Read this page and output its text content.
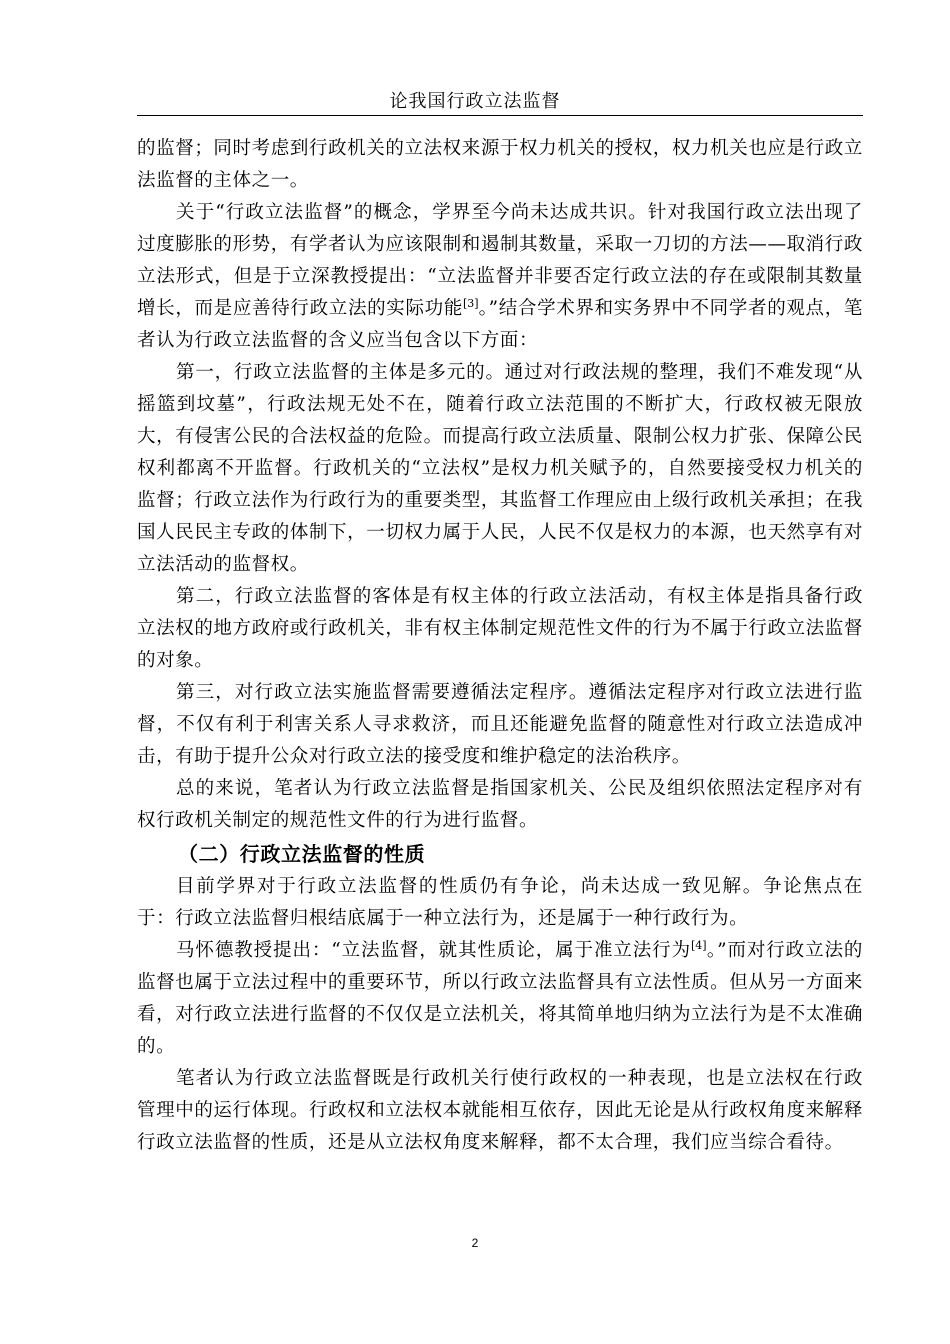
论我国行政立法监督

的监督；同时考虑到行政机关的立法权来源于权力机关的授权，权力机关也应是行政立法监督的主体之一。

关于“行政立法监督”的概念，学界至今尚未达成共识。针对我国行政立法出现了过度膨胀的形势，有学者认为应该限制和遏制其数量，采取一刀切的方法——取消行政立法形式，但是于立深教授提出：“立法监督并非要否定行政立法的存在或限制其数量增长，而是应善待行政立法的实际功能[3]。”结合学术界和实务界中不同学者的观点，笔者认为行政立法监督的含义应当包含以下方面：

第一，行政立法监督的主体是多元的。通过对行政法规的整理，我们不难发现“从摇篮到坟墓”，行政法规无处不在，随着行政立法范围的不断扩大，行政权被无限放大，有侵害公民的合法权益的危险。而提高行政立法质量、限制公权力扩张、保障公民权利都离不开监督。行政机关的“立法权”是权力机关赋予的，自然要接受权力机关的监督；行政立法作为行政行为的重要类型，其监督工作理应由上级行政机关承担；在我国人民民主专政的体制下，一切权力属于人民，人民不仅是权力的本源，也天然享有对立法活动的监督权。

第二，行政立法监督的客体是有权主体的行政立法活动，有权主体是指具备行政立法权的地方政府或行政机关，非有权主体制定规范性文件的行为不属于行政立法监督的对象。

第三，对行政立法实施监督需要遵循法定程序。遵循法定程序对行政立法进行监督，不仅有利于利害关系人寻求救济，而且还能避免监督的随意性对行政立法造成冲击，有助于提升公众对行政立法的接受度和维护稳定的法治秩序。

总的来说，笔者认为行政立法监督是指国家机关、公民及组织依照法定程序对有权行政机关制定的规范性文件的行为进行监督。

（二）行政立法监督的性质

目前学界对于行政立法监督的性质仍有争论，尚未达成一致见解。争论焦点在于：行政立法监督归根结底属于一种立法行为，还是属于一种行政行为。

马怀德教授提出：“立法监督，就其性质论，属于准立法行为[4]。”而对行政立法的监督也属于立法过程中的重要环节，所以行政立法监督具有立法性质。但从另一方面来看，对行政立法进行监督的不仅仅是立法机关，将其简单地归纳为立法行为是不太准确的。

笔者认为行政立法监督既是行政机关行使行政权的一种表现，也是立法权在行政管理中的运行体现。行政权和立法权本就能相互依存，因此无论是从行政权角度来解释行政立法监督的性质，还是从立法权角度来解释，都不太合理，我们应当综合看待。

2
